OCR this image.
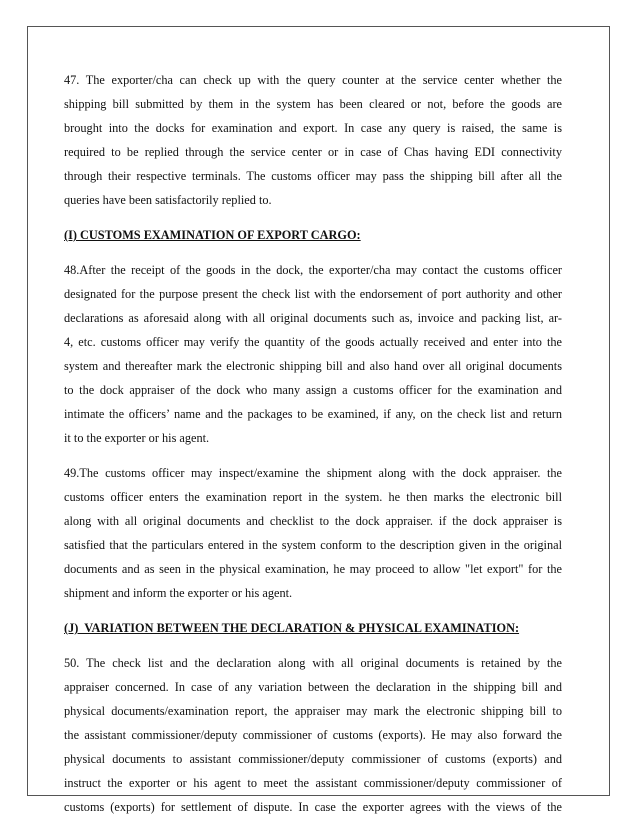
47. The exporter/cha can check up with the query counter at the service center whether the
shipping bill submitted by them in the system has been cleared or not, before the goods are
brought into the docks for examination and export. In case any query is raised, the same is
required to be replied through the service center or in case of Chas having EDI connectivity
through their respective terminals. The customs officer may pass the shipping bill after all the
queries have been satisfactorily replied to.
(I) CUSTOMS EXAMINATION OF EXPORT CARGO:
48.After the receipt of the goods in the dock, the exporter/cha may contact the customs officer
designated for the purpose present the check list with the endorsement of port authority and other
declarations as aforesaid along with all original documents such as, invoice and packing list, ar-
4, etc. customs officer may verify the quantity of the goods actually received and enter into the
system and thereafter mark the electronic shipping bill and also hand over all original documents
to the dock appraiser of the dock who many assign a customs officer for the examination and
intimate the officers’ name and the packages to be examined, if any, on the check list and return
it to the exporter or his agent.
49.The customs officer may inspect/examine the shipment along with the dock appraiser. the
customs officer enters the examination report in the system. he then marks the electronic bill
along with all original documents and checklist to the dock appraiser. if the dock appraiser is
satisfied that the particulars entered in the system conform to the description given in the original
documents and as seen in the physical examination, he may proceed to allow "let export" for the
shipment and inform the exporter or his agent.
(J)  VARIATION BETWEEN THE DECLARATION & PHYSICAL EXAMINATION:
50. The check list and the declaration along with all original documents is retained by the
appraiser concerned. In case of any variation between the declaration in the shipping bill and
physical documents/examination report, the appraiser may mark the electronic shipping bill to
the assistant commissioner/deputy commissioner of customs (exports). He may also forward the
physical documents to assistant commissioner/deputy commissioner of customs (exports) and
instruct the exporter or his agent to meet the assistant commissioner/deputy commissioner of
customs (exports) for settlement of dispute. In case the exporter agrees with the views of the
